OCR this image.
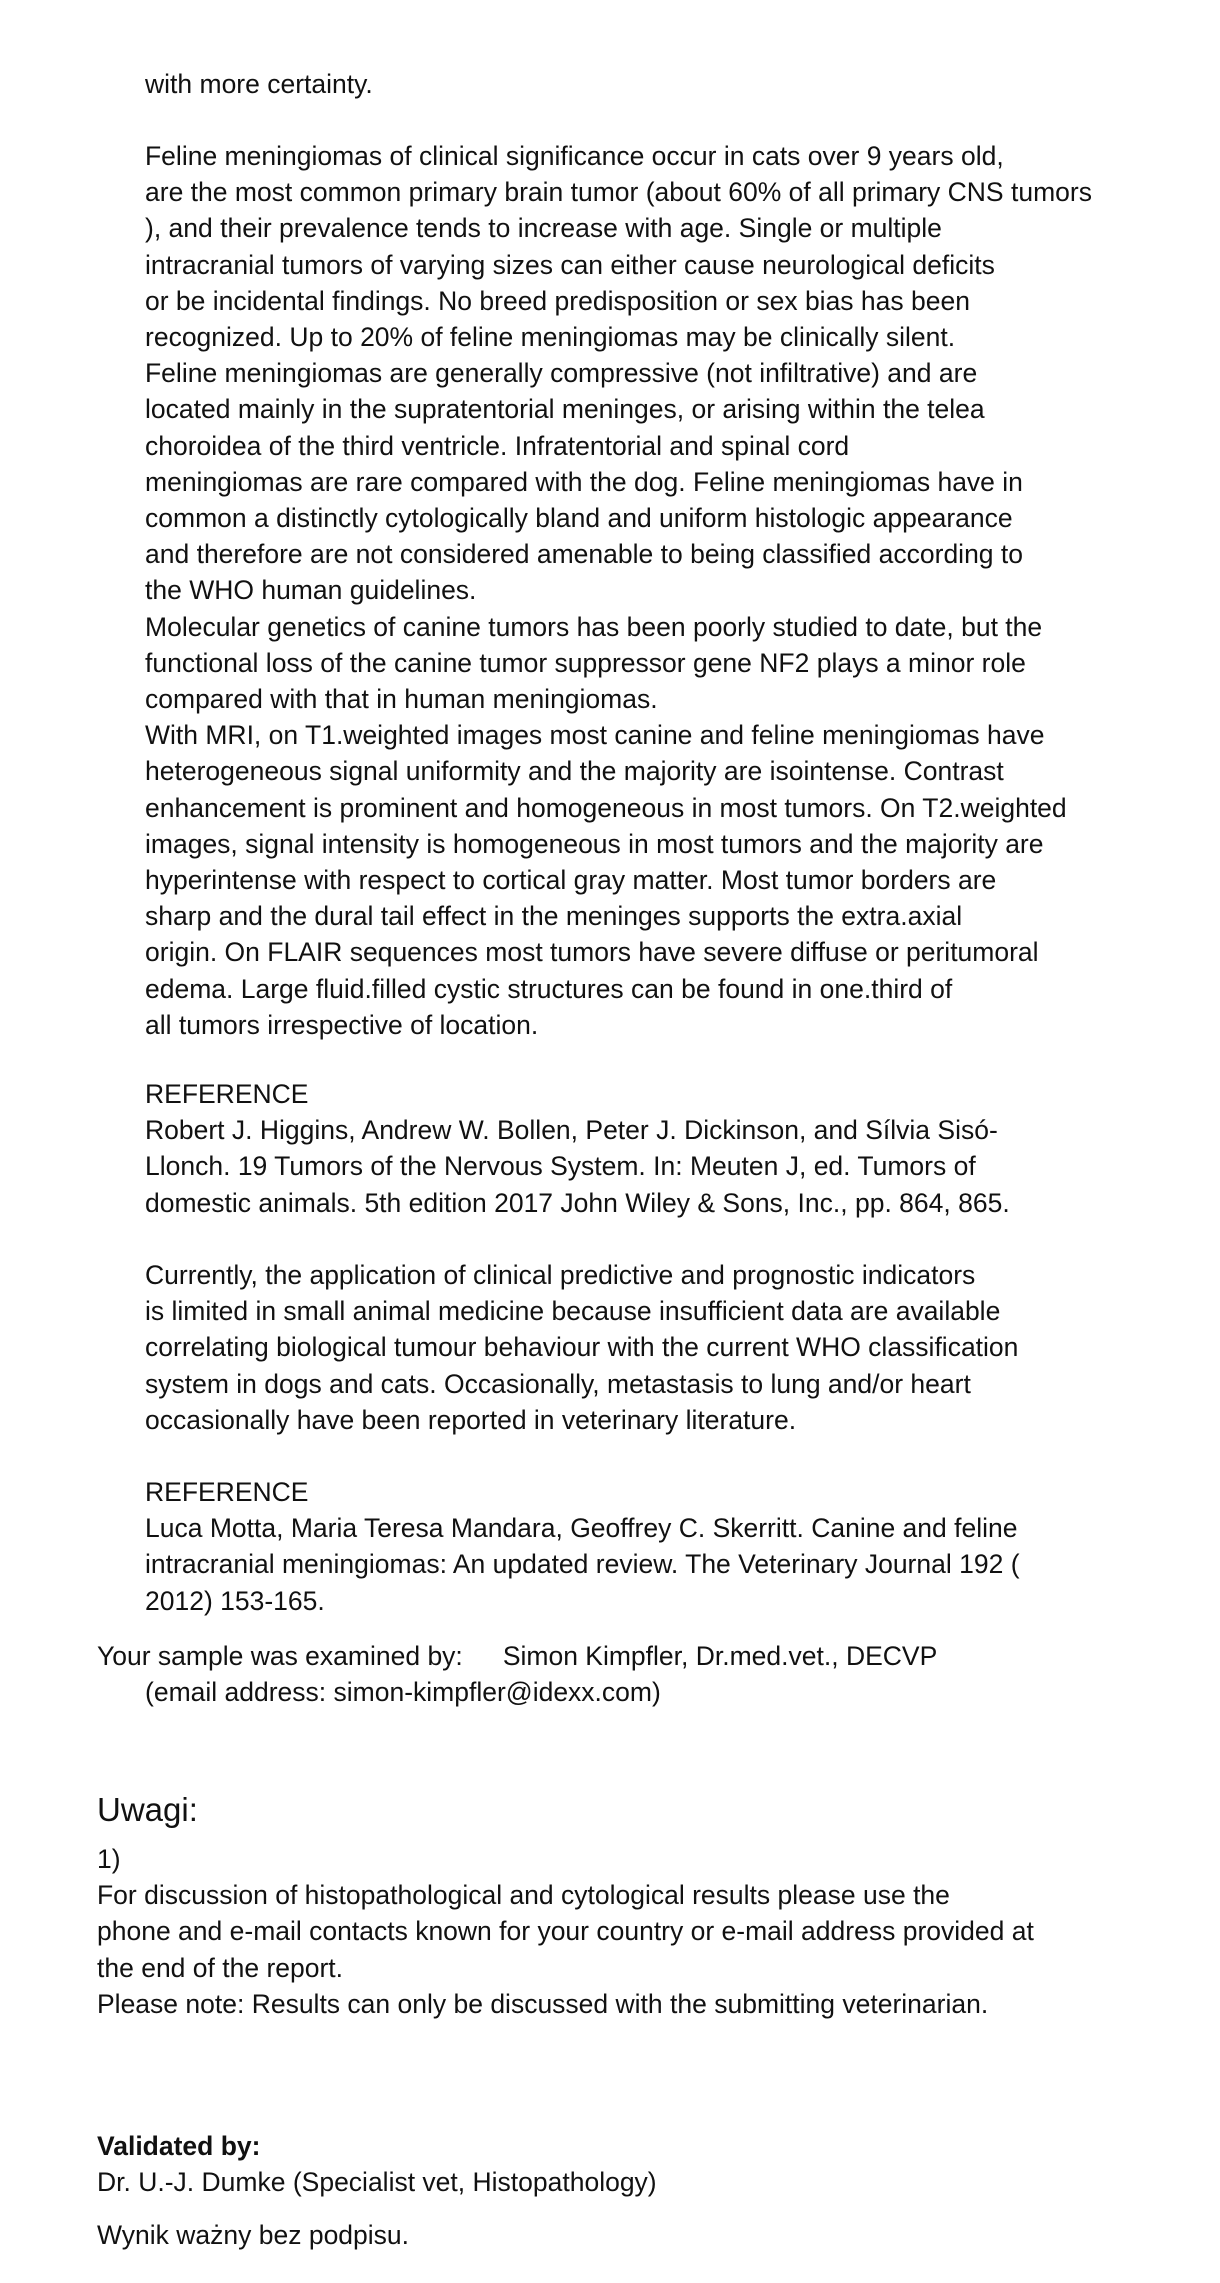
with more certainty.
Feline meningiomas of clinical significance occur in cats over 9 years old,
are the most common primary brain tumor (about 60% of all primary CNS tumors
), and their prevalence tends to increase with age. Single or multiple
intracranial tumors of varying sizes can either cause neurological deficits
or be incidental findings. No breed predisposition or sex bias has been
recognized. Up to 20% of feline meningiomas may be clinically silent.
Feline meningiomas are generally compressive (not infiltrative) and are
located mainly in the supratentorial meninges, or arising within the telea
choroidea of the third ventricle. Infratentorial and spinal cord
meningiomas are rare compared with the dog. Feline meningiomas have in
common a distinctly cytologically bland and uniform histologic appearance
and therefore are not considered amenable to being classified according to
the WHO human guidelines.
Molecular genetics of canine tumors has been poorly studied to date, but the
functional loss of the canine tumor suppressor gene NF2 plays a minor role
compared with that in human meningiomas.
With MRI, on T1.weighted images most canine and feline meningiomas have
heterogeneous signal uniformity and the majority are isointense. Contrast
enhancement is prominent and homogeneous in most tumors. On T2.weighted
images, signal intensity is homogeneous in most tumors and the majority are
hyperintense with respect to cortical gray matter. Most tumor borders are
sharp and the dural tail effect in the meninges supports the extra.axial
origin. On FLAIR sequences most tumors have severe diffuse or peritumoral
edema. Large fluid.filled cystic structures can be found in one.third of
all tumors irrespective of location.
REFERENCE
Robert J. Higgins, Andrew W. Bollen, Peter J. Dickinson, and Sílvia Sisó-
Llonch. 19 Tumors of the Nervous System. In: Meuten J, ed. Tumors of
domestic animals. 5th edition 2017 John Wiley & Sons, Inc., pp. 864, 865.
Currently, the application of clinical predictive and prognostic indicators
is limited in small animal medicine because insufficient data are available
correlating biological tumour behaviour with the current WHO classification
system in dogs and cats. Occasionally, metastasis to lung and/or heart
occasionally have been reported in veterinary literature.
REFERENCE
Luca Motta, Maria Teresa Mandara, Geoffrey C. Skerritt. Canine and feline
intracranial meningiomas: An updated review. The Veterinary Journal 192 (
2012) 153-165.
Your sample was examined by: Simon Kimpfler, Dr.med.vet., DECVP
(email address: simon-kimpfler@idexx.com)
Uwagi:
1)
For discussion of histopathological and cytological results please use the
phone and e-mail contacts known for your country or e-mail address provided at
the end of the report.
Please note: Results can only be discussed with the submitting veterinarian.
Validated by:
Dr. U.-J. Dumke (Specialist vet, Histopathology)
Wynik ważny bez podpisu.
